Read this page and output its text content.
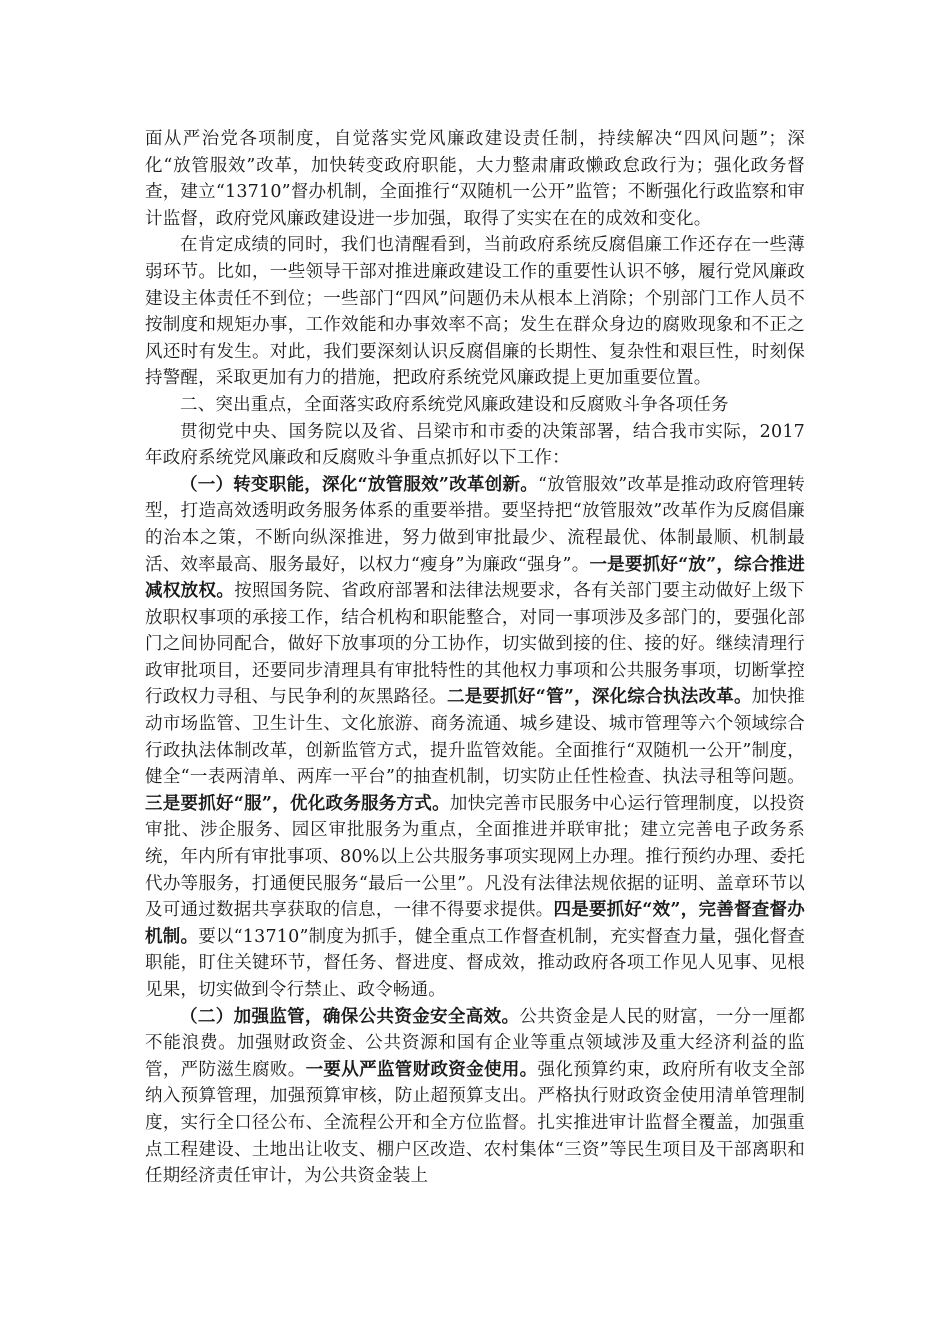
面从严治党各项制度，自觉落实党风廉政建设责任制，持续解决“四风问题”；深化“放管服效”改革，加快转变政府职能，大力整肃庸政懒政怠政行为；强化政务督查，建立“13710”督办机制，全面推行“双随机一公开”监管；不断强化行政监察和审计监督，政府党风廉政建设进一步加强，取得了实实在在的成效和变化。

在肯定成绩的同时，我们也清醒看到，当前政府系统反腐倡廉工作还存在一些薄弱环节。比如，一些领导干部对推进廉政建设工作的重要性认识不够，履行党风廉政建设主体责任不到位；一些部门“四风”问题仍未从根本上消除；个别部门工作人员不按制度和规矩办事，工作效能和办事效率不高；发生在群众身边的腐败现象和不正之风还时有发生。对此，我们要深刻认识反腐倡廉的长期性、复杂性和艰巨性，时刻保持警醒，采取更加有力的措施，把政府系统党风廉政提上更加重要位置。

二、突出重点，全面落实政府系统党风廉政建设和反腐败斗争各项任务

贯彻党中央、国务院以及省、吕梁市和市委的决策部署，结合我市实际，2017年政府系统党风廉政和反腐败斗争重点抓好以下工作：

（一）转变职能，深化“放管服效”改革创新。“放管服效”改革是推动政府管理转型，打造高效透明政务服务体系的重要举措。要坚持把“放管服效”改革作为反腐倡廉的治本之策，不断向纵深推进，努力做到审批最少、流程最优、体制最顺、机制最活、效率最高、服务最好，以权力“瘦身”为廉政“强身”。一是要抓好“放”，综合推进减权放权。按照国务院、省政府部署和法律法规要求，各有关部门要主动做好上级下放职权事项的承接工作，结合机构和职能整合，对同一事项涉及多部门的，要强化部门之间协同配合，做好下放事项的分工协作，切实做到接的住、接的好。继续清理行政审批项目，还要同步清理具有审批特性的其他权力事项和公共服务事项，切断掌控行政权力寻租、与民争利的灰黑路径。二是要抓好“管”，深化综合执法改革。加快推动市场监管、卫生计生、文化旅游、商务流通、城乡建设、城市管理等六个领域综合行政执法体制改革，创新监管方式，提升监管效能。全面推行“双随机一公开”制度，健全“一表两清单、两库一平台”的抽查机制，切实防止任性检查、执法寻租等问题。三是要抓好“服”，优化政务服务方式。加快完善市民服务中心运行管理制度，以投资审批、涉企服务、园区审批服务为重点，全面推进并联审批；建立完善电子政务系统，年内所有审批事项、80%以上公共服务事项实现网上办理。推行预约办理、委托代办等服务，打通便民服务“最后一公里”。凡没有法律法规依据的证明、盖章环节以及可通过数据共享获取的信息，一律不得要求提供。四是要抓好“效”，完善督查督办机制。要以“13710”制度为抓手，健全重点工作督查机制，充实督查力量，强化督查职能，盯住关键环节，督任务、督进度、督成效，推动政府各项工作见人见事、见根见果，切实做到令行禁止、政令畅通。

（二）加强监管，确保公共资金安全高效。公共资金是人民的财富，一分一厘都不能浪费。加强财政资金、公共资源和国有企业等重点领域涉及重大经济利益的监管，严防滋生腐败。一要从严监管财政资金使用。强化预算约束，政府所有收支全部纳入预算管理，加强预算审核，防止超预算支出。严格执行财政资金使用清单管理制度，实行全口径公布、全流程公开和全方位监督。扎实推进审计监督全覆盖，加强重点工程建设、土地出让收支、棚户区改造、农村集体“三资”等民生项目及干部离职和任期经济责任审计，为公共资金装上
